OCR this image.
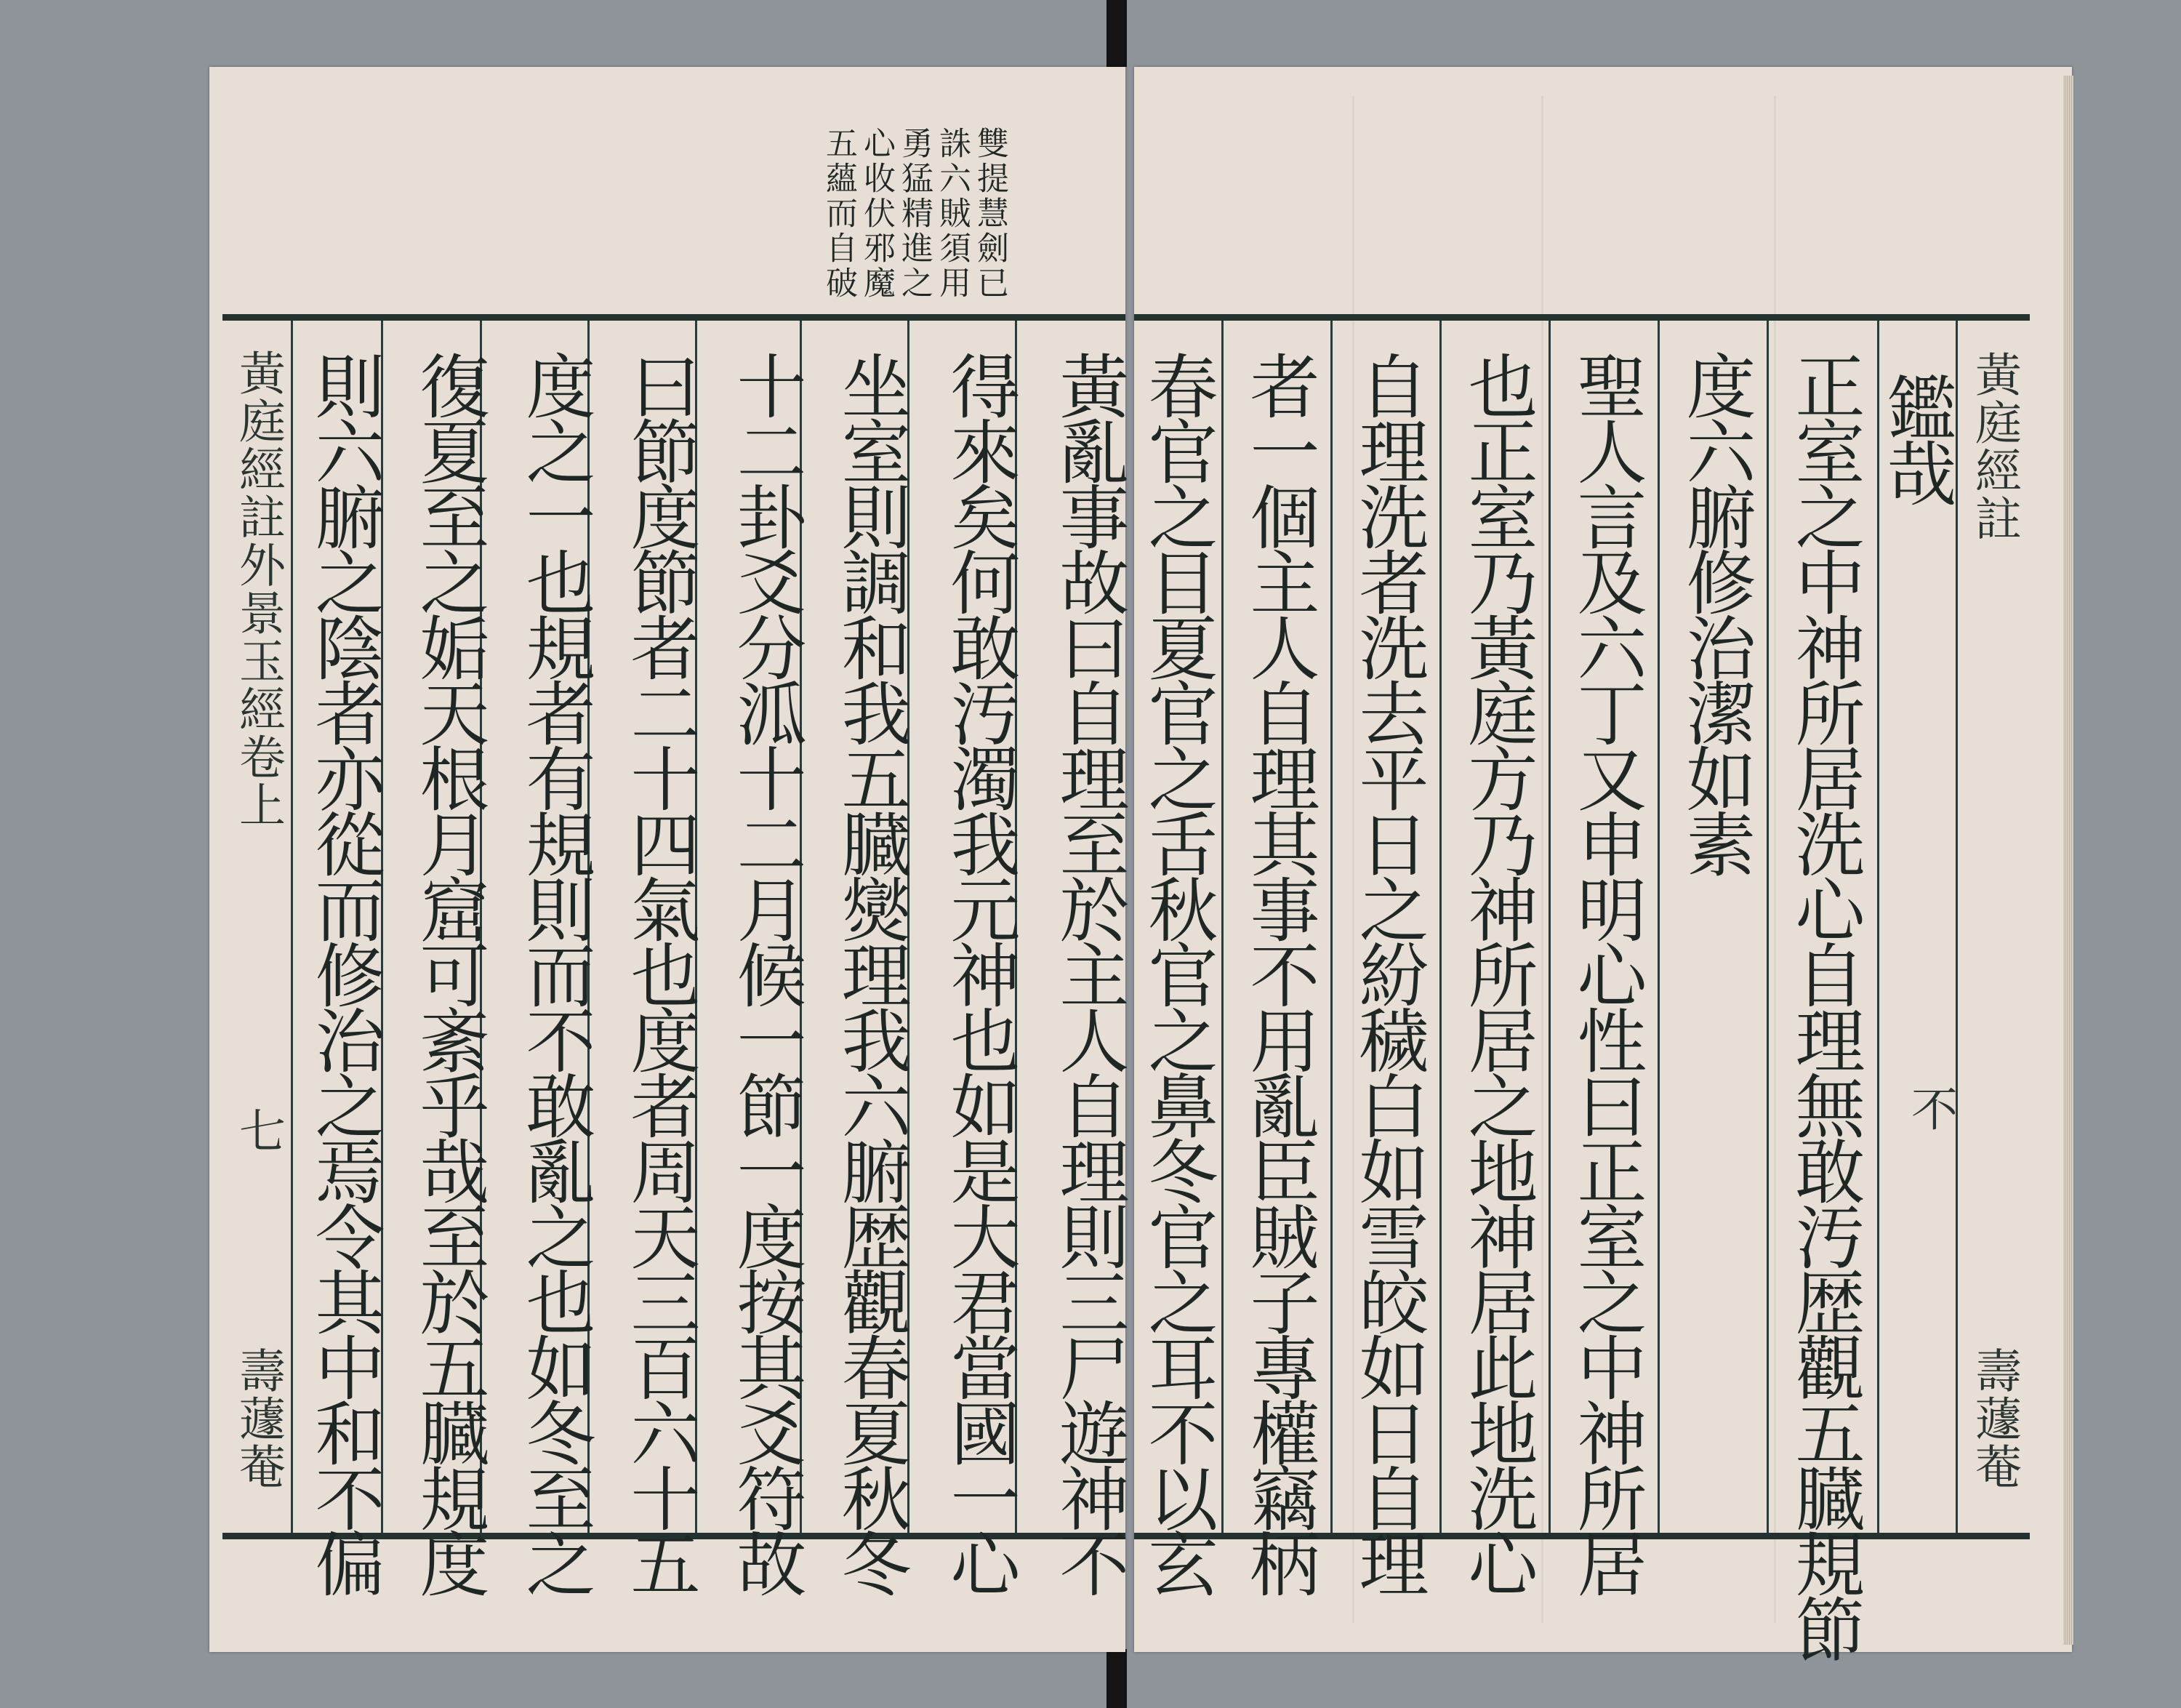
雙提慧劍已
誅六賊須用
勇猛精進之
心收伏邪魔
五蘊而自破
黃庭經註外景玉經卷上
七
壽蘧菴	黃亂事故曰自理至於主人自理則三尸遊神不
得來矣何敢汚濁我元神也如是大君當國一心
坐室則調和我五臓爕理我六腑歴觀春夏秋冬
十二卦爻分泒十二月候一節一度按其爻符故
曰節度節者二十四氣也度者周天三百六十五
度之一也規者有規則而不敢亂之也如冬至之
復夏至之姤天根月窟可紊乎哉至於五臓規度
則六腑之陰者亦從而修治之焉令其中和不偏	黃庭經註
不
壽蘧菴
鑑哉
正室之中神所居洗心自理無敢汚歴觀五臓規節
度六腑修治潔如素
聖人言及六丁又申明心性曰正室之中神所居
也正室乃黃庭方乃神所居之地神居此地洗心
自理洗者洗去平日之紛穢白如雪皎如日自理
者一個主人自理其事不用亂臣賊子專權竊柄
春官之目夏官之舌秋官之鼻冬官之耳不以玄
